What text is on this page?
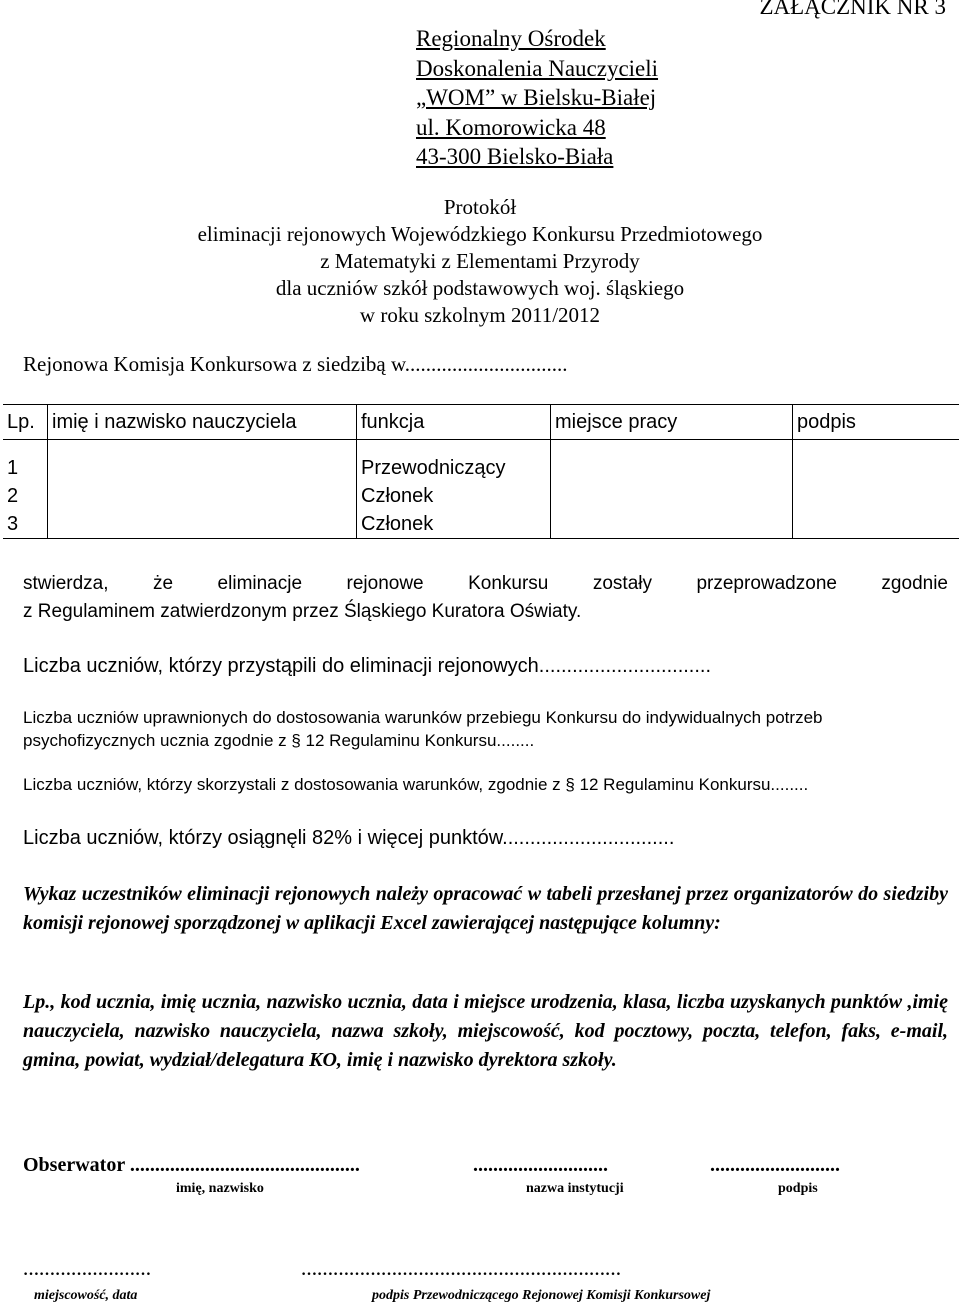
ZAŁĄCZNIK NR 3
Regionalny Ośrodek
Doskonalenia Nauczycieli
„WOM” w Bielsku-Białej
ul. Komorowicka 48
43-300 Bielsko-Biała
Protokół
eliminacji rejonowych Wojewódzkiego Konkursu Przedmiotowego
z Matematyki z Elementami Przyrody
dla uczniów szkół podstawowych woj. śląskiego
w roku szkolnym 2011/2012
Rejonowa Komisja Konkursowa z siedzibą w...............................
Lp.	imię i nazwisko nauczyciela	funkcja	miejsce pracy	podpis

1		Przewodniczący		
2		Członek		
3		Członek		
stwierdza, że eliminacje rejonowe Konkursu zostały przeprowadzone zgodnie
z Regulaminem zatwierdzonym przez Śląskiego Kuratora Oświaty.
Liczba uczniów, którzy przystąpili do eliminacji rejonowych...............................
Liczba uczniów uprawnionych do dostosowania warunków przebiegu Konkursu do indywidualnych potrzeb psychofizycznych ucznia zgodnie z § 12 Regulaminu Konkursu........
Liczba uczniów, którzy skorzystali z dostosowania warunków, zgodnie z § 12 Regulaminu Konkursu........
Liczba uczniów, którzy osiągnęli 82% i więcej punktów...............................
Wykaz uczestników eliminacji rejonowych należy opracować w tabeli przesłanej przez organizatorów do siedziby komisji rejonowej sporządzonej w aplikacji Excel zawierającej następujące kolumny:
Lp., kod ucznia, imię ucznia, nazwisko ucznia, data i miejsce urodzenia, klasa, liczba uzyskanych punktów ,imię nauczyciela, nazwisko nauczyciela, nazwa szkoły, miejscowość, kod pocztowy, poczta, telefon, faks, e-mail, gmina, powiat, wydział/delegatura KO, imię i nazwisko dyrektora szkoły.
Obserwator ..............................................	...........................	..........................
imię, nazwisko	nazwa instytucji	podpis
……………………	……………………………………………………
miejscowość, data	podpis Przewodniczącego Rejonowej Komisji Konkursowej
